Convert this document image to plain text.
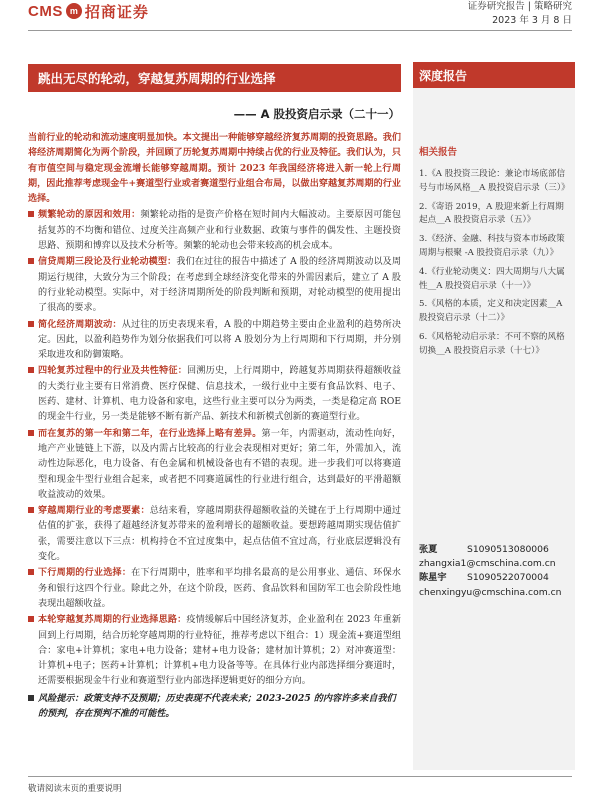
CMS m 招商证券	证券研究报告 | 策略研究
2023 年 3 月 8 日
跳出无尽的轮动，穿越复苏周期的行业选择	深度报告
—— A 股投资启示录（二十一）

当前行业的轮动和流动速度明显加快。本文提出一种能够穿越经济复苏周期的投资思路。我们将经济周期简化为两个阶段，并回顾了历轮复苏周期中持续占优的行业及特征。我们认为，只有市值空间与稳定现金流增长能够穿越周期。预计 2023 年我国经济将进入新一轮上行周期，因此推荐考虑现金牛+赛道型行业或者赛道型行业组合布局，以做出穿越复苏周期的行业选择。

频繁轮动的原因和效用：频繁轮动指的是资产价格在短时间内大幅波动。主要原因可能包括复苏的不均衡和错位、过度关注高频产业和行业数据、政策与事件的偶发性、主题投资思路、预期和博弈以及技术分析等。频繁的轮动也会带来较高的机会成本。

信贷周期三段论及行业轮动模型：我们在过往的报告中描述了 A 股的经济周期波动以及周期运行规律，大致分为三个阶段；在考虑到全球经济变化带来的外需因素后，建立了 A 股的行业轮动模型。实际中，对于经济周期所处的阶段判断和预期，对轮动模型的使用提出了很高的要求。

简化经济周期波动：从过往的历史表现来看，A 股的中期趋势主要由企业盈利的趋势所决定。因此，以盈利趋势作为划分依据我们可以将 A 股划分为上行周期和下行周期，并分别采取进攻和防御策略。

四轮复苏过程中的行业及共性特征：回溯历史，上行周期中，跨越复苏周期获得超额收益的大类行业主要有日常消费、医疗保健、信息技术，一级行业中主要有食品饮料、电子、医药、建材、计算机、电力设备和家电，这些行业主要可以分为两类，一类是稳定高 ROE 的现金牛行业，另一类是能够不断有新产品、新技术和新模式创新的赛道型行业。

而在复苏的第一年和第二年，在行业选择上略有差异。第一年，内需驱动，流动性向好，地产产业链链上下游，以及内需占比较高的行业会表现相对更好；第二年，外需加入，流动性边际恶化，电力设备、有色金属和机械设备也有不错的表现。进一步我们可以将赛道型和现金牛型行业组合起来，或者把不同赛道属性的行业进行组合，达到最好的平滑超额收益波动的效果。

穿越周期行业的考虑要素：总结来看，穿越周期获得超额收益的关键在于上行周期中通过估值的扩张，获得了超越经济复苏带来的盈利增长的超额收益。要想跨越周期实现估值扩张，需要注意以下三点：机构持仓不宜过度集中，起点估值不宜过高，行业底层逻辑没有变化。

下行周期的行业选择：在下行周期中，胜率和平均排名最高的是公用事业、通信、环保水务和银行这四个行业。除此之外，在这个阶段，医药、食品饮料和国防军工也会阶段性地表现出超额收益。

本轮穿越复苏周期的行业选择思路：疫情缓解后中国经济复苏，企业盈利在 2023 年重新回到上行周期，结合历轮穿越周期的行业特征，推荐考虑以下组合：1）现金流+赛道型组合：家电+计算机；家电+电力设备；建材+电力设备；建材加计算机；2）对冲赛道型：计算机+电子；医药+计算机；计算机+电力设备等等。在具体行业内部选择细分赛道时，还需要根据现金牛行业和赛道型行业内部选择逻辑更好的细分方向。

风险提示：政策支持不及预期；历史表现不代表未来；2023-2025 的内容许多来自我们的预判，存在预判不准的可能性。

相关报告
1.《A 股投资三段论：兼论市场底部信号与市场风格__A 股投资启示录（三）》
2.《寄语 2019，A 股迎来新上行周期起点__A 股投资启示录（五）》
3.《经济、金融、科技与资本市场政策周期与根聚 -A 股投资启示录（九）》
4.《行业轮动奥义：四大周期与八大属性__A 股投资启示录（十一）》
5.《风格的本质，定义和决定因素__A 股投资启示录（十二）》
6.《风格轮动启示录：不可不察的风格切换__A 股投资启示录（十七）》
张夏	S1090513080006
zhangxia1@cmschina.com.cn
陈星宇	S1090522070004
chenxingyu@cmschina.com.cn
敬请阅读末页的重要说明
